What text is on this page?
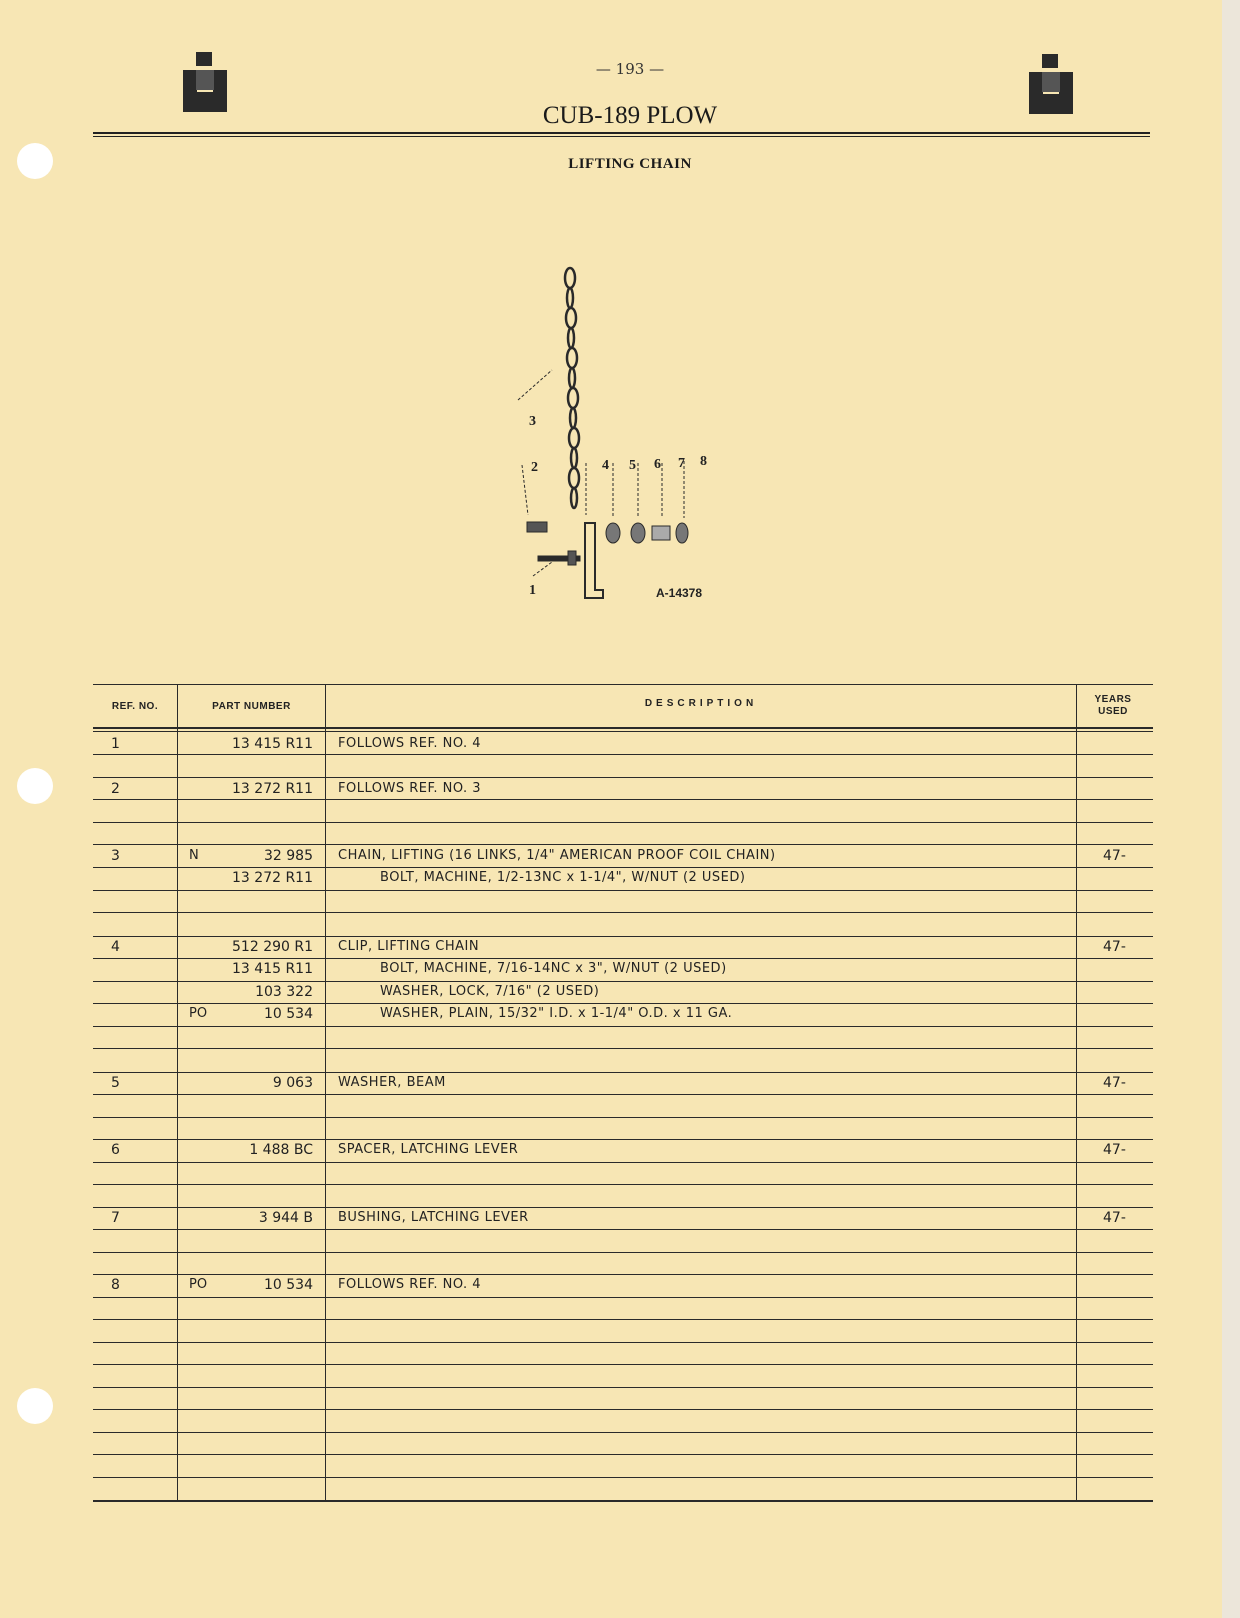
— 193 —
CUB-189 PLOW
LIFTING CHAIN
A-14378
1
2
3
4 5 6 7 8
REF. NO.	PART NUMBER	DESCRIPTION	YEARS USED
1	13 415 R11 FOLLOWS REF. NO. 4
2	13 272 R11 FOLLOWS REF. NO. 3
3	N	32 985 CHAIN, LIFTING (16 LINKS, 1/4" AMERICAN PROOF COIL CHAIN)	47-
13 272 R11	BOLT, MACHINE, 1/2-13NC x 1-1/4", W/NUT (2 USED)
4	512 290 R1 CLIP, LIFTING CHAIN	47-
13 415 R11	BOLT, MACHINE, 7/16-14NC x 3", W/NUT (2 USED)
103 322	WASHER, LOCK, 7/16" (2 USED)
PO	10 534	WASHER, PLAIN, 15/32" I.D. x 1-1/4" O.D. x 11 GA.
5	9 063 WASHER, BEAM	47-
6	1 488 BC SPACER, LATCHING LEVER	47-
7	3 944 B BUSHING, LATCHING LEVER	47-
8	PO	10 534 FOLLOWS REF. NO. 4
